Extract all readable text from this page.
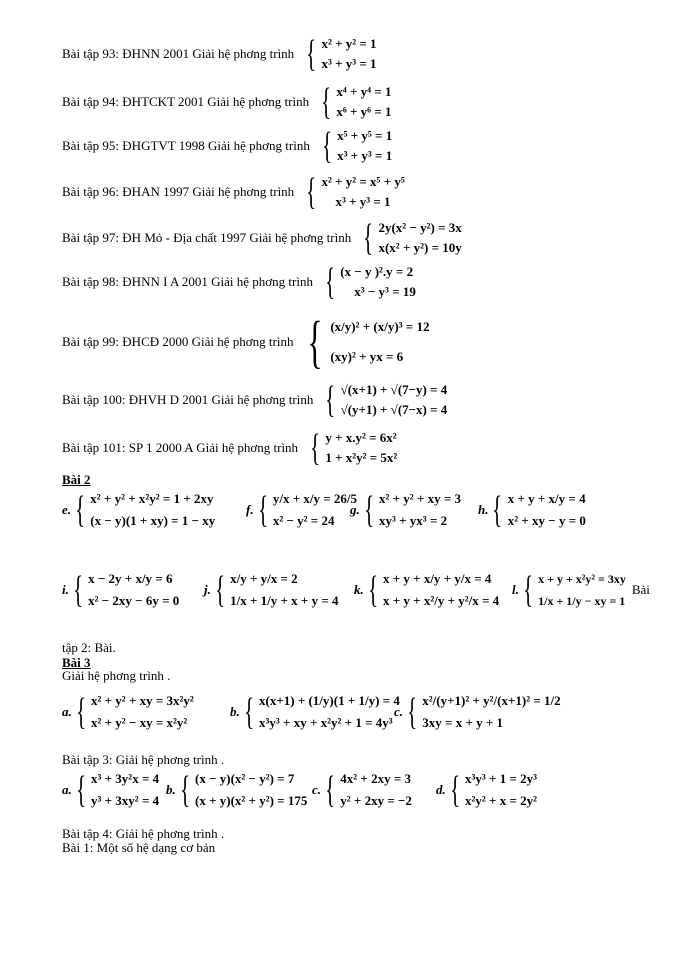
Bài tập 93: ĐHNN 2001 Giải hệ phơng trình { x² + y² = 1
x³ + y³ = 1
Bài tập 94: ĐHTCKT 2001 Giải hệ phơng trình { x⁴ + y⁴ = 1
x⁶ + y⁶ = 1
Bài tập 95: ĐHGTVT 1998 Giải hệ phơng trình { x⁵ + y⁵ = 1
x³ + y³ = 1
Bài tập 96: ĐHAN 1997 Giải hệ phơng trình { x² + y² = x⁵ + y⁵
x³ + y³ = 1
Bài tập 97: ĐH Mỏ - Địa chất 1997 Giải hệ phơng trình { 2y(x² − y²) = 3x
x(x² + y²) = 10y
Bài tập 98: ĐHNN I A 2001 Giải hệ phơng trình { (x − y )².y = 2
x³ − y³ = 19
Bài tập 99: ĐHCĐ 2000 Giải hệ phơng trình { (x/y)² + (x/y)³ = 12
(xy)² + yx = 6
Bài tập 100: ĐHVH D 2001 Giải hệ phơng trình { √(x+1) + √(7−y) = 4
√(y+1) + √(7−x) = 4
Bài tập 101: SP 1 2000 A Giải hệ phơng trình { y + x.y² = 6x²
1 + x²y² = 5x²
Bài 2
e. { x² + y² + x²y² = 1 + 2xy
(x − y)(1 + xy) = 1 − xy
f. { y/x + x/y = 26/5
x² − y² = 24
g. { x² + y² + xy = 3
xy³ + yx³ = 2
h. { x + y + x/y = 4
x² + xy − y = 0
i. { x − 2y + x/y = 6
x² − 2xy − 6y = 0
j. { x/y + y/x = 2
1/x + 1/y + x + y = 4
k. { x + y + x/y + y/x = 4
x + y + x²/y + y²/x = 4
l. { x + y + x²y² = 3xy
1/x + 1/y − xy = 1
Bài
tập 2: Bài.
Bài 3
Giải hệ phơng trình .
a. { x² + y² + xy = 3x²y²
x² + y² − xy = x²y²
b. { x(x+1) + (1/y)(1 + 1/y) = 4
x³y³ + xy + x²y² + 1 = 4y³
c. { x²/(y+1)² + y²/(x+1)² = 1/2
3xy = x + y + 1
Bài tập 3: Giải hệ phơng trình .
a. { x³ + 3y²x = 4
y³ + 3xy² = 4
b. { (x − y)(x² − y²) = 7
(x + y)(x² + y²) = 175
c. { 4x² + 2xy = 3
y² + 2xy = −2
d. { x³y³ + 1 = 2y³
x²y² + x = 2y²
Bài tập 4: Giải hệ phơng trình .
Bài 1: Một số hệ dạng cơ bản
